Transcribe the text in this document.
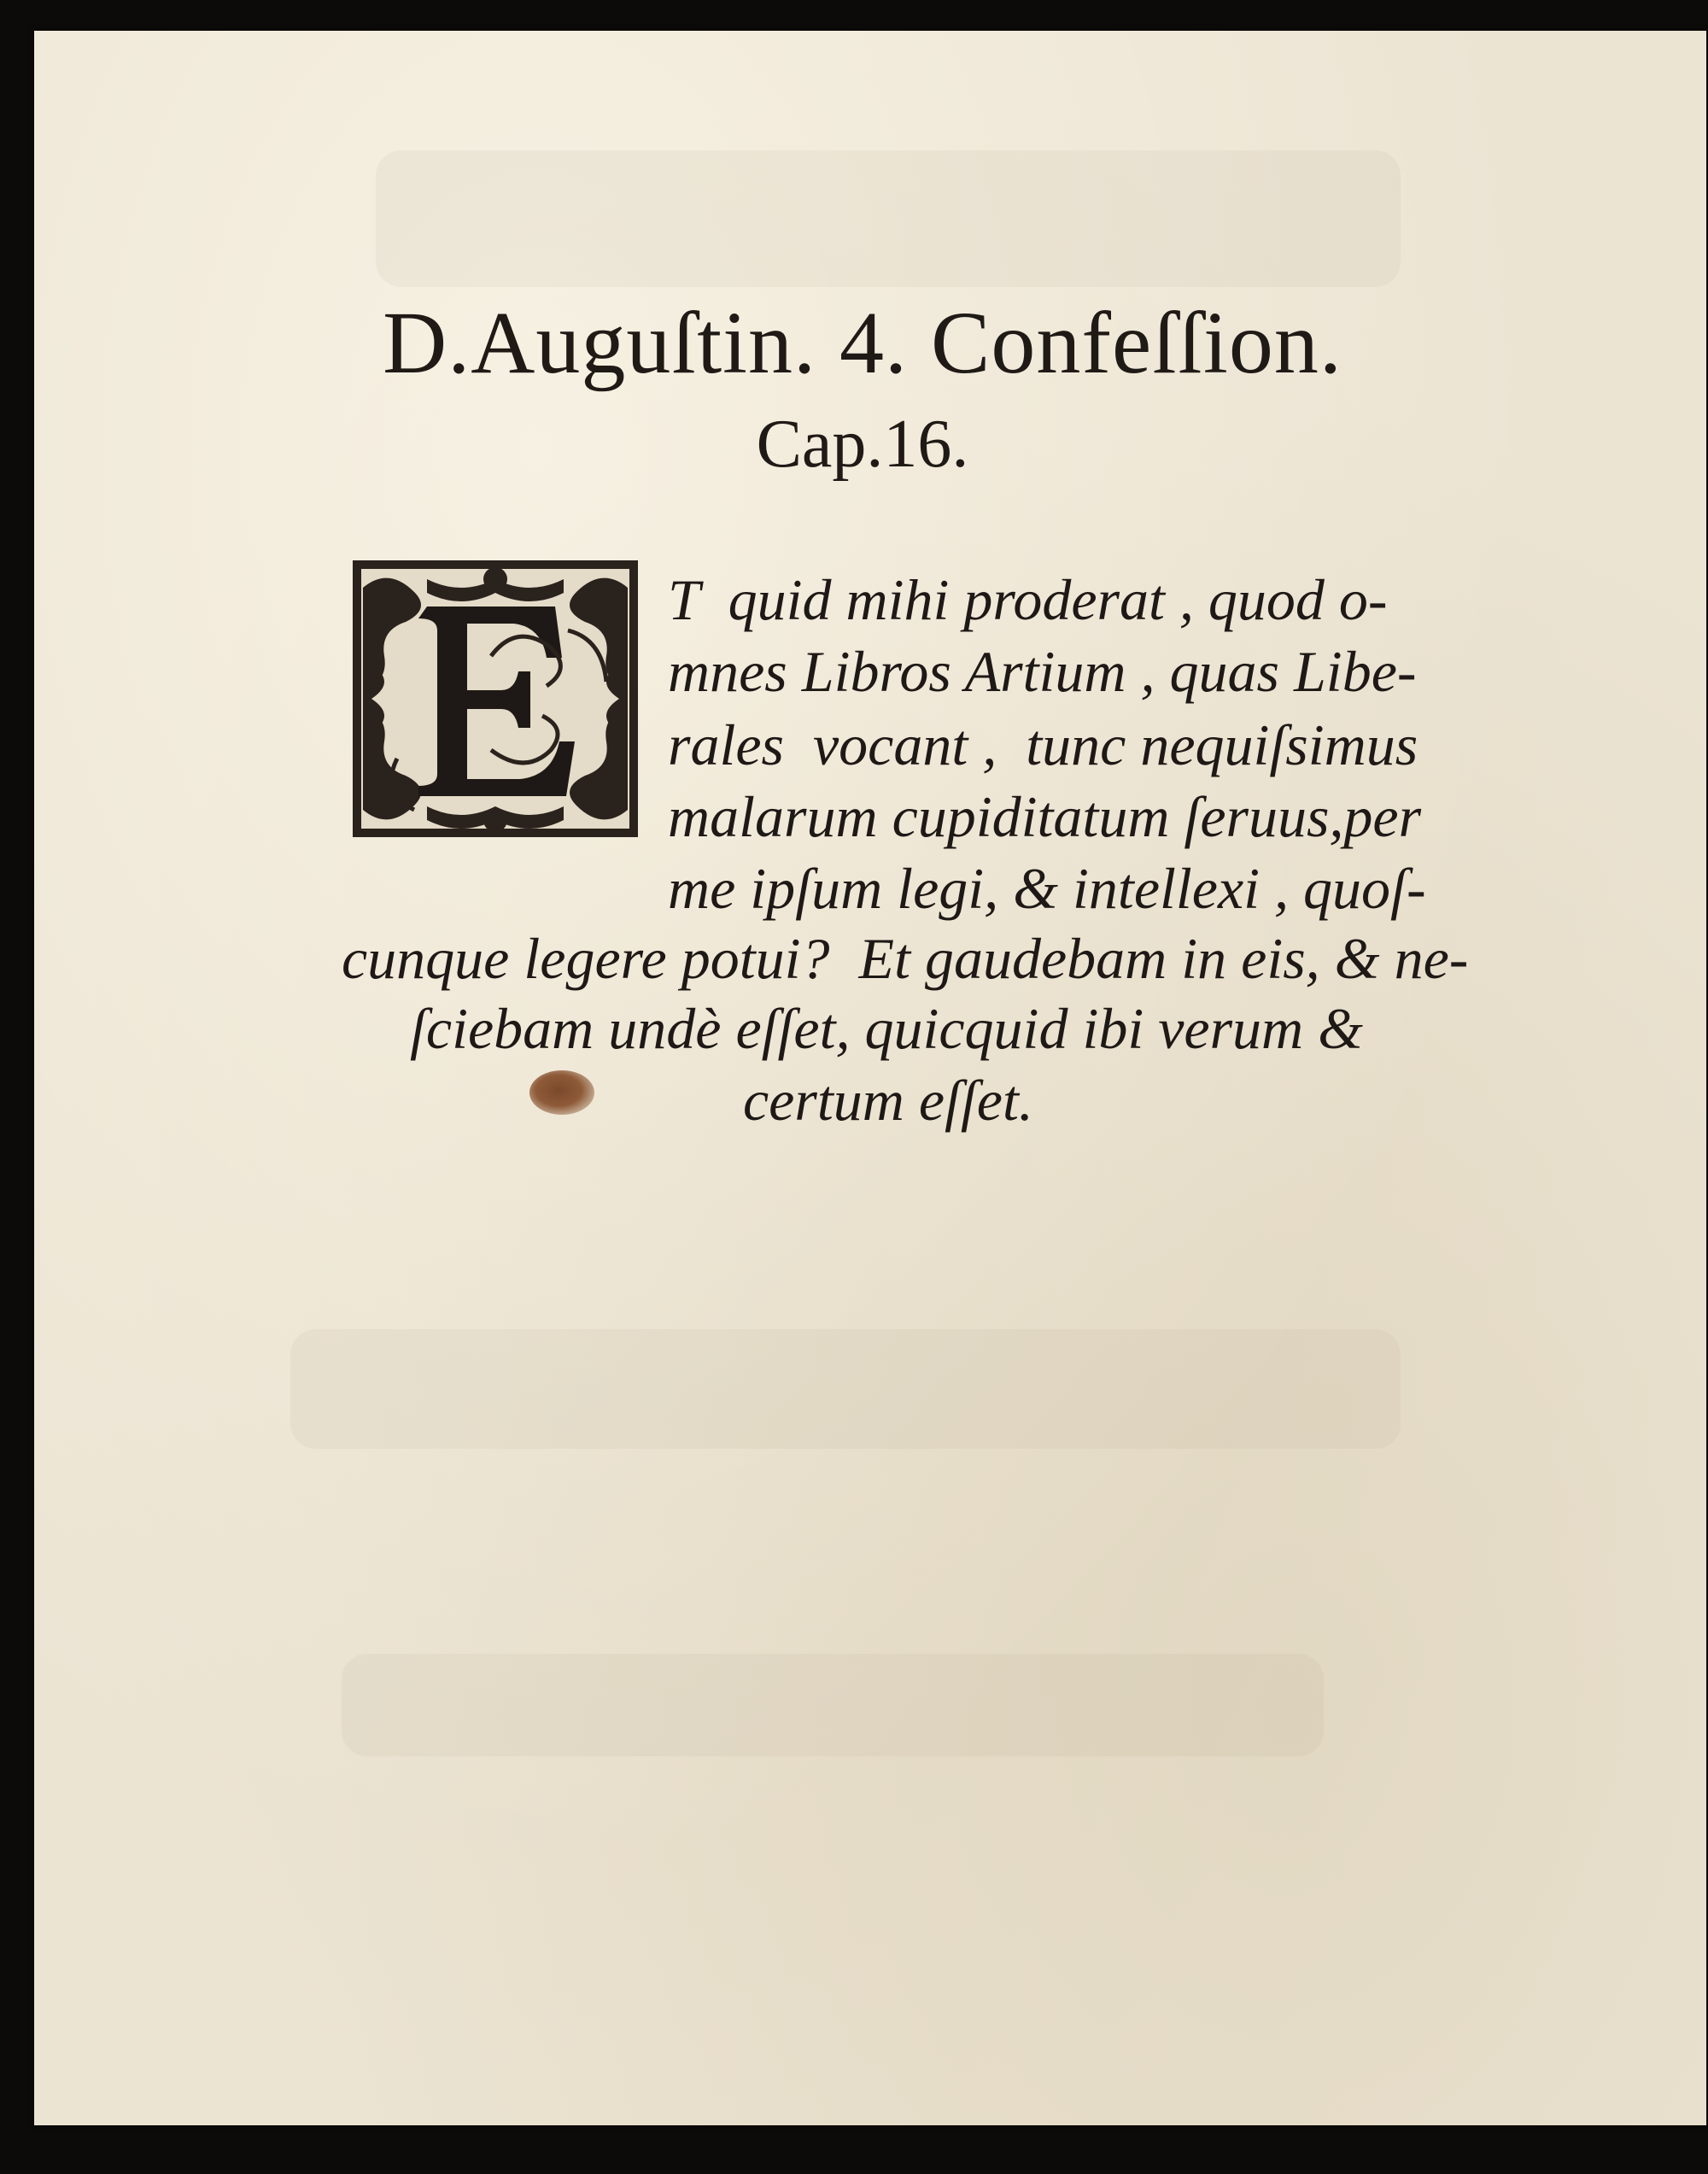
D.Auguſtin. 4. Confeſſion.
Cap.16.
T  quid mihi proderat , quod o-
mnes Libros Artium , quas Libe-
rales  vocant ,  tunc nequiſsimus
malarum cupiditatum ſeruus,per
me ipſum legi, & intellexi , quoſ-
cunque legere potui?  Et gaudebam in eis, & ne-
ſciebam undè eſſet, quicquid ibi verum &
certum eſſet.
